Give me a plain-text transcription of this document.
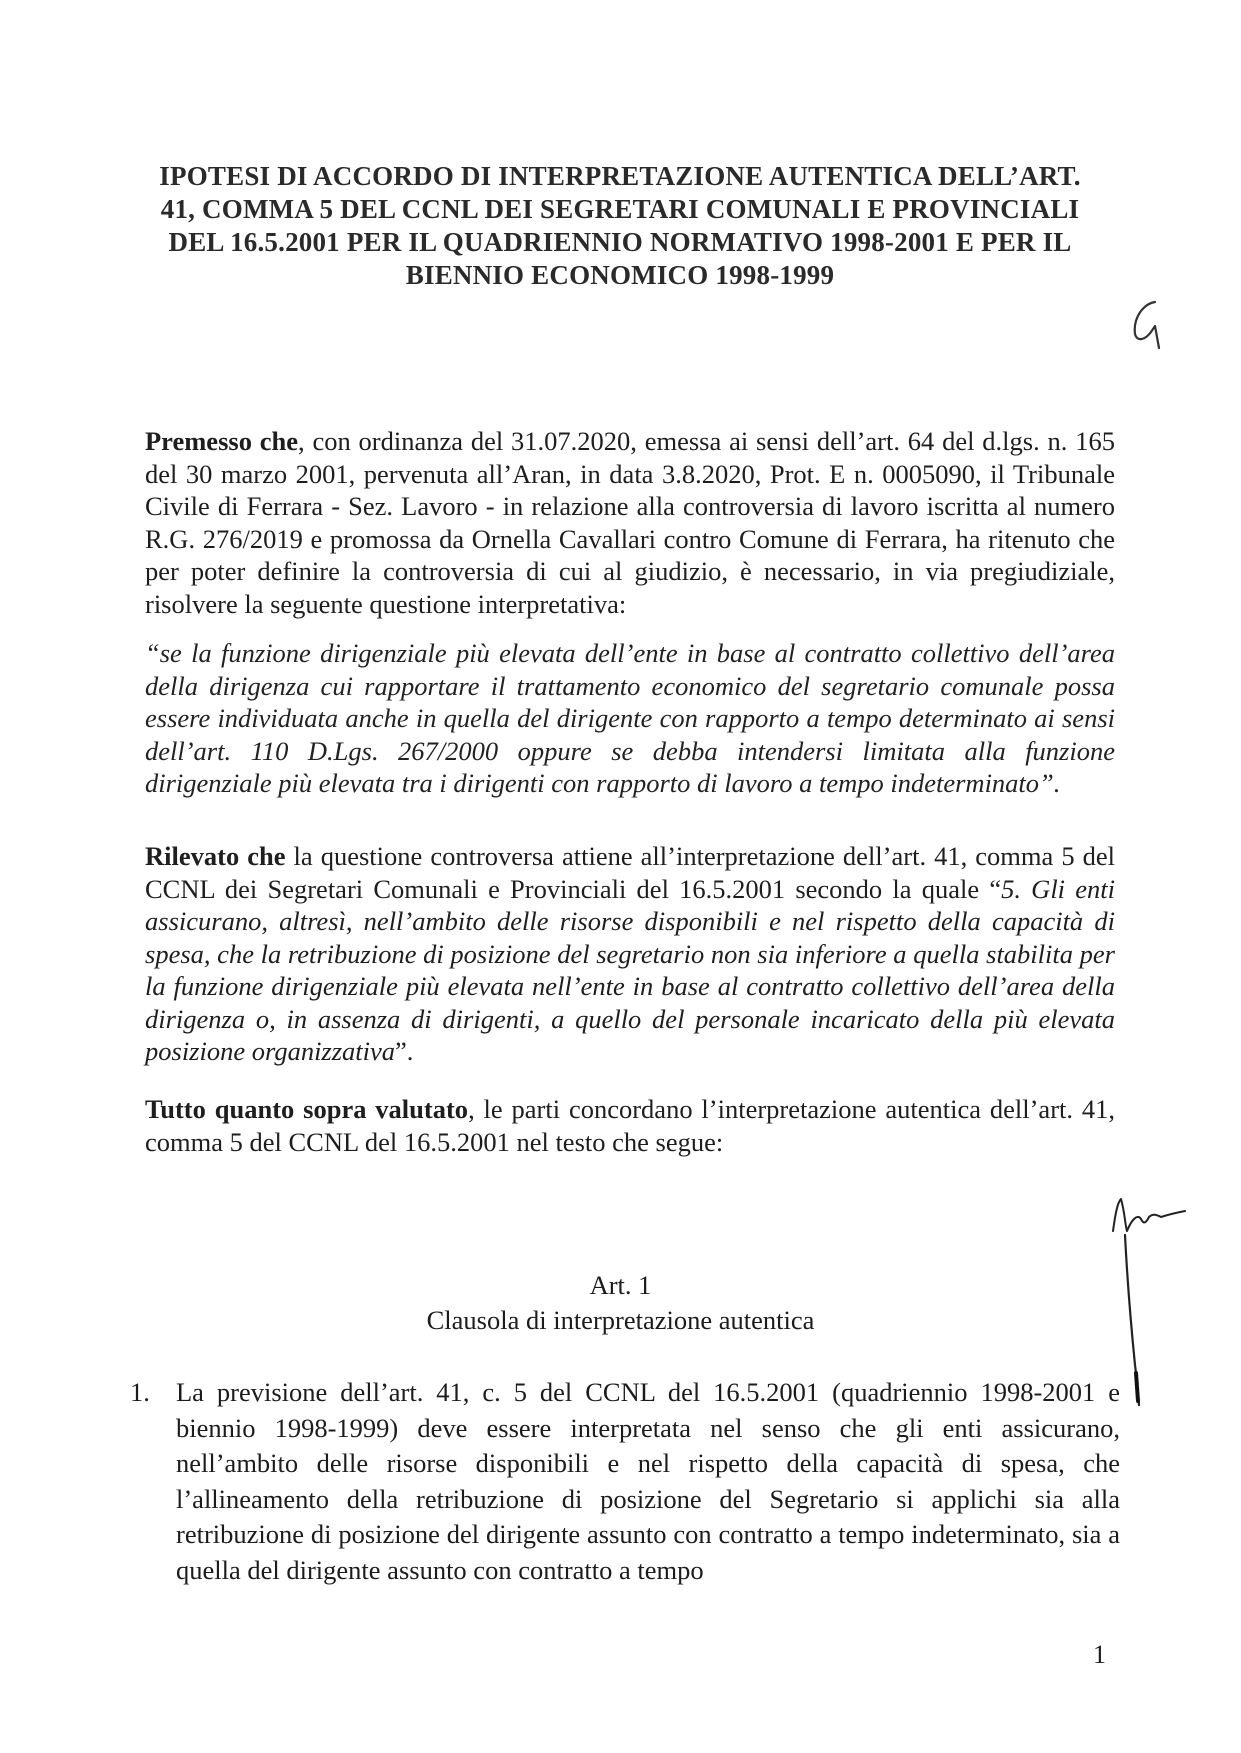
IPOTESI DI ACCORDO DI INTERPRETAZIONE AUTENTICA DELL’ART.
41, COMMA 5 DEL CCNL DEI SEGRETARI COMUNALI E PROVINCIALI
DEL 16.5.2001 PER IL QUADRIENNIO NORMATIVO 1998-2001 E PER IL
BIENNIO ECONOMICO 1998-1999
Premesso che, con ordinanza del 31.07.2020, emessa ai sensi dell’art. 64 del d.lgs. n. 165 del 30 marzo 2001, pervenuta all’Aran, in data 3.8.2020, Prot. E n. 0005090, il Tribunale Civile di Ferrara - Sez. Lavoro - in relazione alla controversia di lavoro iscritta al numero R.G. 276/2019 e promossa da Ornella Cavallari contro Comune di Ferrara, ha ritenuto che per poter definire la controversia di cui al giudizio, è necessario, in via pregiudiziale, risolvere la seguente questione interpretativa:
“se la funzione dirigenziale più elevata dell’ente in base al contratto collettivo dell’area della dirigenza cui rapportare il trattamento economico del segretario comunale possa essere individuata anche in quella del dirigente con rapporto a tempo determinato ai sensi dell’art. 110 D.Lgs. 267/2000 oppure se debba intendersi limitata alla funzione dirigenziale più elevata tra i dirigenti con rapporto di lavoro a tempo indeterminato”.
Rilevato che la questione controversa attiene all’interpretazione dell’art. 41, comma 5 del CCNL dei Segretari Comunali e Provinciali del 16.5.2001 secondo la quale “5. Gli enti assicurano, altresì, nell’ambito delle risorse disponibili e nel rispetto della capacità di spesa, che la retribuzione di posizione del segretario non sia inferiore a quella stabilita per la funzione dirigenziale più elevata nell’ente in base al contratto collettivo dell’area della dirigenza o, in assenza di dirigenti, a quello del personale incaricato della più elevata posizione organizzativa”.
Tutto quanto sopra valutato, le parti concordano l’interpretazione autentica dell’art. 41, comma 5 del CCNL del 16.5.2001 nel testo che segue:
Art. 1
Clausola di interpretazione autentica
1. La previsione dell’art. 41, c. 5 del CCNL del 16.5.2001 (quadriennio 1998-2001 e biennio 1998-1999) deve essere interpretata nel senso che gli enti assicurano, nell’ambito delle risorse disponibili e nel rispetto della capacità di spesa, che l’allineamento della retribuzione di posizione del Segretario si applichi sia alla retribuzione di posizione del dirigente assunto con contratto a tempo indeterminato, sia a quella del dirigente assunto con contratto a tempo
1
